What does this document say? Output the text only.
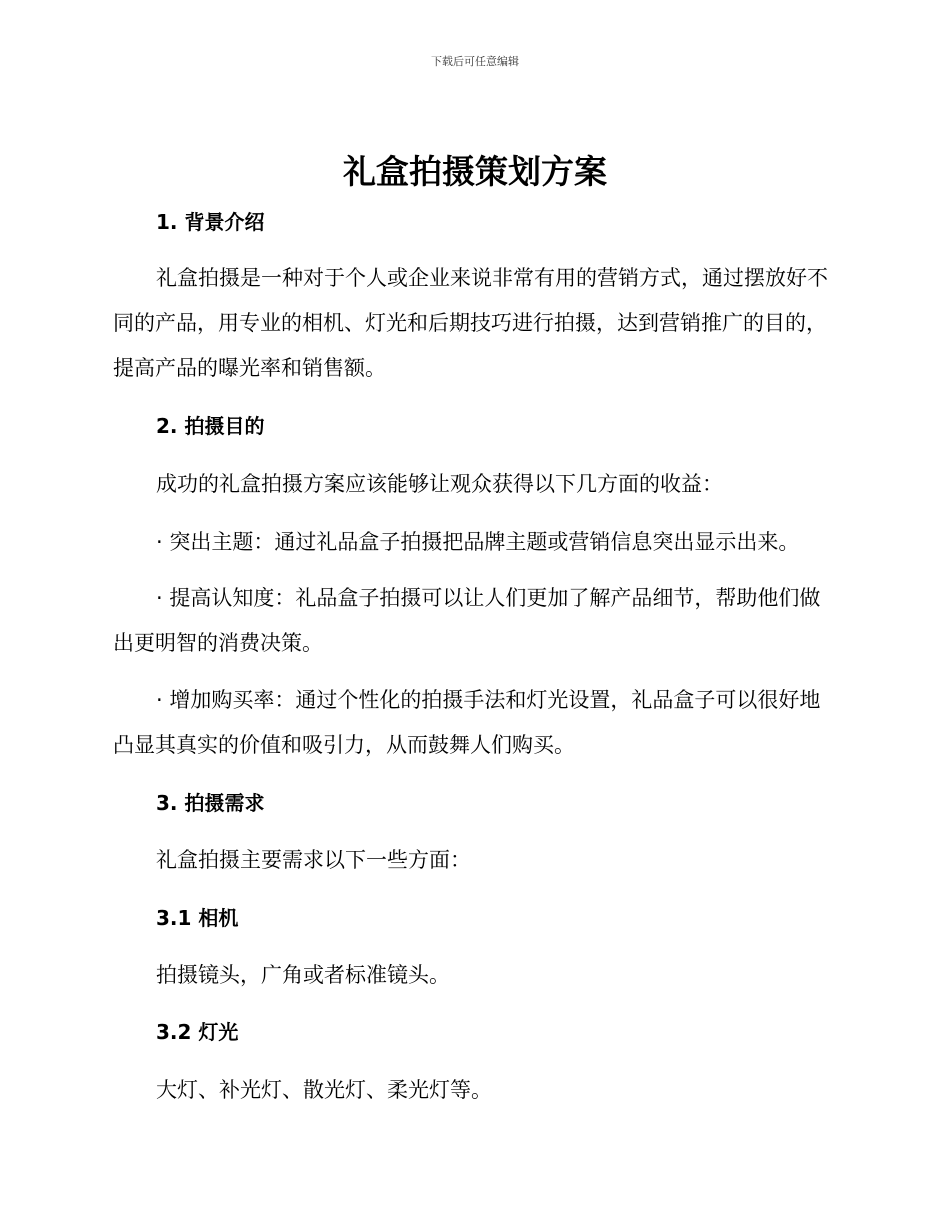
下载后可任意编辑
礼盒拍摄策划方案
1. 背景介绍

礼盒拍摄是一种对于个人或企业来说非常有用的营销方式，通过摆放好不同的产品，用专业的相机、灯光和后期技巧进行拍摄，达到营销推广的目的，提高产品的曝光率和销售额。

2. 拍摄目的

成功的礼盒拍摄方案应该能够让观众获得以下几方面的收益：

· 突出主题：通过礼品盒子拍摄把品牌主题或营销信息突出显示出来。

· 提高认知度：礼品盒子拍摄可以让人们更加了解产品细节，帮助他们做出更明智的消费决策。

· 增加购买率：通过个性化的拍摄手法和灯光设置，礼品盒子可以很好地凸显其真实的价值和吸引力，从而鼓舞人们购买。

3. 拍摄需求

礼盒拍摄主要需求以下一些方面：

3.1 相机

拍摄镜头，广角或者标准镜头。

3.2 灯光

大灯、补光灯、散光灯、柔光灯等。
